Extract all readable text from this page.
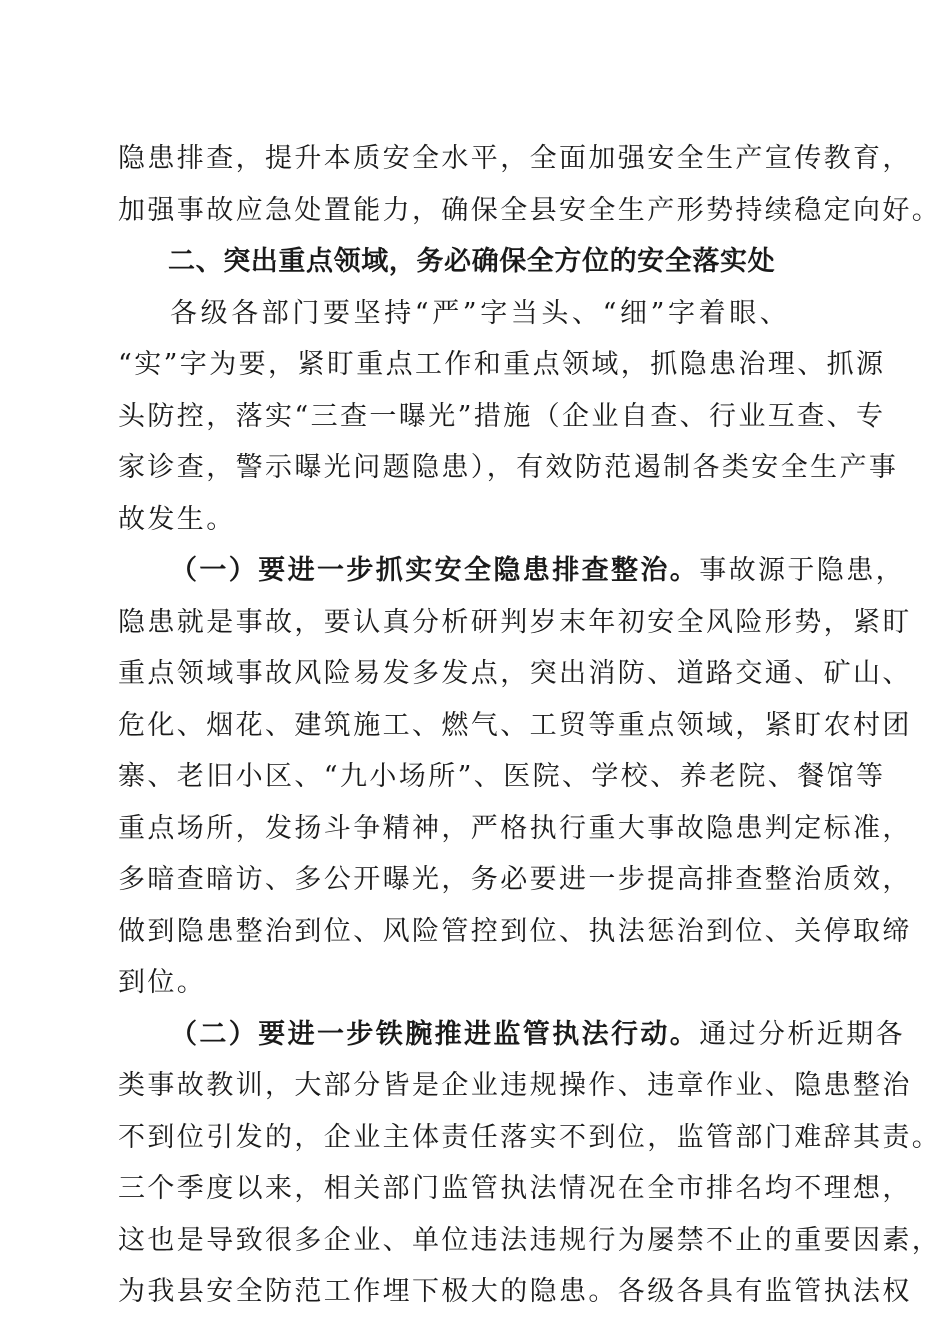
隐患排查，提升本质安全水平，全面加强安全生产宣传教育，
加强事故应急处置能力，确保全县安全生产形势持续稳定向好。
二、突出重点领域，务必确保全方位的安全落实处
各级各部门要坚持“严”字当头、“细”字着眼、
“实”字为要，紧盯重点工作和重点领域，抓隐患治理、抓源
头防控，落实“三查一曝光”措施（企业自查、行业互查、专
家诊查，警示曝光问题隐患），有效防范遏制各类安全生产事
故发生。
（一）要进一步抓实安全隐患排查整治。事故源于隐患，
隐患就是事故，要认真分析研判岁末年初安全风险形势，紧盯
重点领域事故风险易发多发点，突出消防、道路交通、矿山、
危化、烟花、建筑施工、燃气、工贸等重点领域，紧盯农村团
寨、老旧小区、“九小场所”、医院、学校、养老院、餐馆等
重点场所，发扬斗争精神，严格执行重大事故隐患判定标准，
多暗查暗访、多公开曝光，务必要进一步提高排查整治质效，
做到隐患整治到位、风险管控到位、执法惩治到位、关停取缔
到位。
（二）要进一步铁腕推进监管执法行动。通过分析近期各
类事故教训，大部分皆是企业违规操作、违章作业、隐患整治
不到位引发的，企业主体责任落实不到位，监管部门难辞其责。
三个季度以来，相关部门监管执法情况在全市排名均不理想，
这也是导致很多企业、单位违法违规行为屡禁不止的重要因素，
为我县安全防范工作埋下极大的隐患。各级各具有监管执法权
